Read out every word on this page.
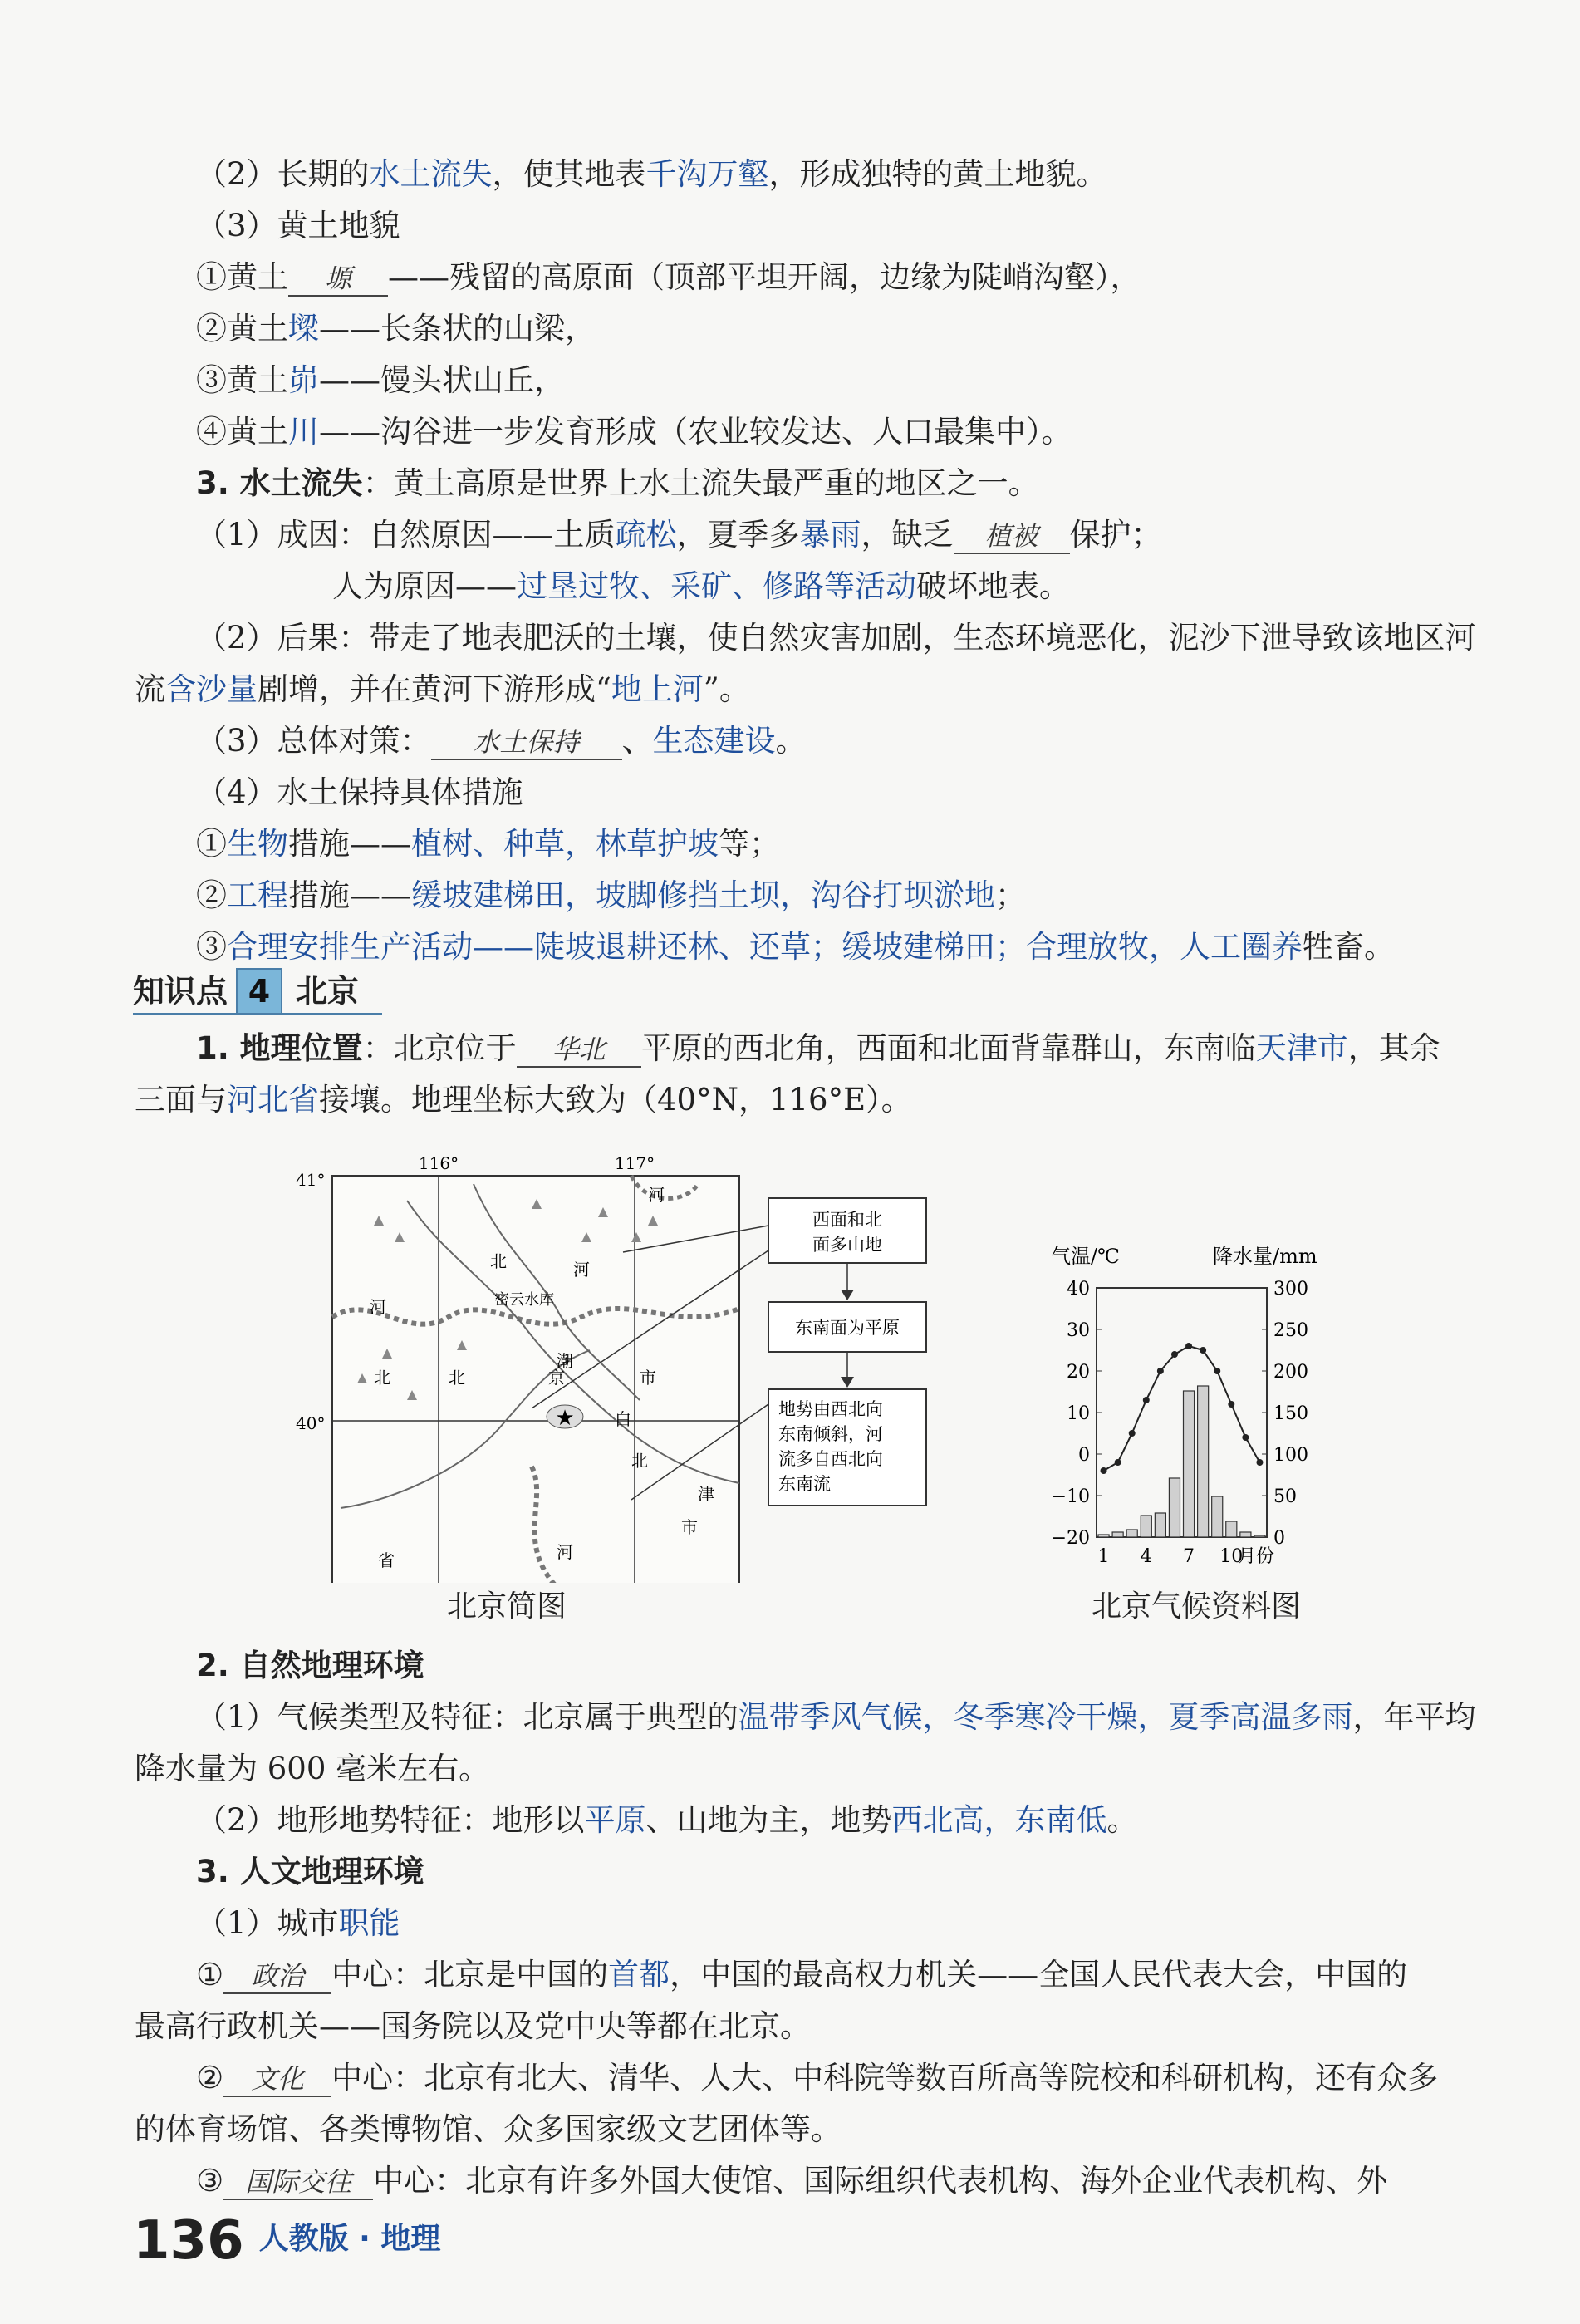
（2）长期的水土流失，使其地表千沟万壑，形成独特的黄土地貌。
（3）黄土地貌
①黄土 塬 ——残留的高原面（顶部平坦开阔，边缘为陡峭沟壑），
②黄土墚——长条状的山梁，
③黄土峁——馒头状山丘，
④黄土川——沟谷进一步发育形成（农业较发达、人口最集中）。
3. 水土流失：黄土高原是世界上水土流失最严重的地区之一。
（1）成因：自然原因——土质疏松，夏季多暴雨，缺乏 植被 保护；
人为原因——过垦过牧、采矿、修路等活动破坏地表。
（2）后果：带走了地表肥沃的土壤，使自然灾害加剧，生态环境恶化，泥沙下泄导致该地区河
流含沙量剧增，并在黄河下游形成“地上河”。
（3）总体对策： 水土保持 、生态建设。
（4）水土保持具体措施
①生物措施——植树、种草，林草护坡等；
②工程措施——缓坡建梯田，坡脚修挡土坝，沟谷打坝淤地；
③合理安排生产活动——陡坡退耕还林、还草；缓坡建梯田；合理放牧，人工圈养牲畜。
知识点 4 北京
1. 地理位置：北京位于 华北 平原的西北角，西面和北面背靠群山，东南临天津市，其余
三面与河北省接壤。地理坐标大致为（40°N，116°E）。
116°	117°
41°
40°	★
河
北	北	京	市
北
河
省
河
潮
白
市
密云水库
津
河
北
西面和北
面多山地
东南面为平原
地势由西北向
东南倾斜，河
流多自西北向
东南流
北京简图
气温/℃	降水量/mm
40
30
20
10
0
−10
−20
300
250
200
150
100
50
0
1 4 7 10
月份
北京气候资料图
2. 自然地理环境
（1）气候类型及特征：北京属于典型的温带季风气候，冬季寒冷干燥，夏季高温多雨，年平均
降水量为 600 毫米左右。
（2）地形地势特征：地形以平原、山地为主，地势西北高，东南低。
3. 人文地理环境
（1）城市职能
① 政治 中心：北京是中国的首都，中国的最高权力机关——全国人民代表大会，中国的
最高行政机关——国务院以及党中央等都在北京。
② 文化 中心：北京有北大、清华、人大、中科院等数百所高等院校和科研机构，还有众多
的体育场馆、各类博物馆、众多国家级文艺团体等。
③ 国际交往 中心：北京有许多外国大使馆、国际组织代表机构、海外企业代表机构、外
136 人教版 · 地理
